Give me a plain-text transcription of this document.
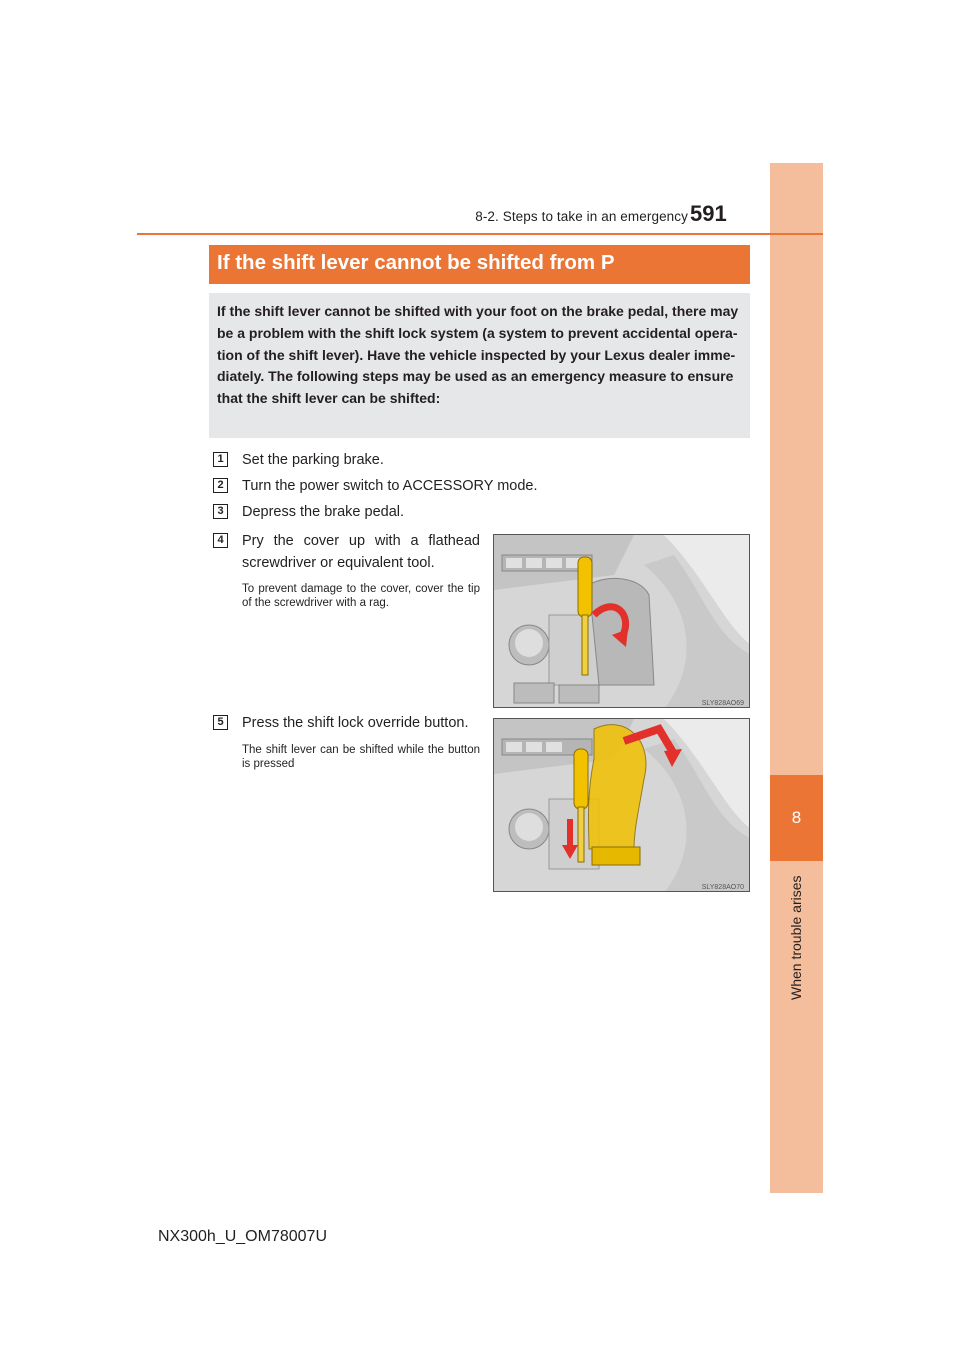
8
When trouble arises
8-2. Steps to take in an emergency 591
If the shift lever cannot be shifted from P
If the shift lever cannot be shifted with your foot on the brake pedal, there may be a problem with the shift lock system (a system to prevent accidental opera-tion of the shift lever). Have the vehicle inspected by your Lexus dealer imme-diately. The following steps may be used as an emergency measure to ensure that the shift lever can be shifted:
1	Set the parking brake.
2	Turn the power switch to ACCESSORY mode.
3	Depress the brake pedal.
4	Pry the cover up with a flathead screwdriver or equivalent tool.
To prevent damage to the cover, cover the tip of the screwdriver with a rag.
SLY828AO69
5	Press the shift lock override button.
The shift lever can be shifted while the button is pressed
SLY828AO70
NX300h_U_OM78007U
